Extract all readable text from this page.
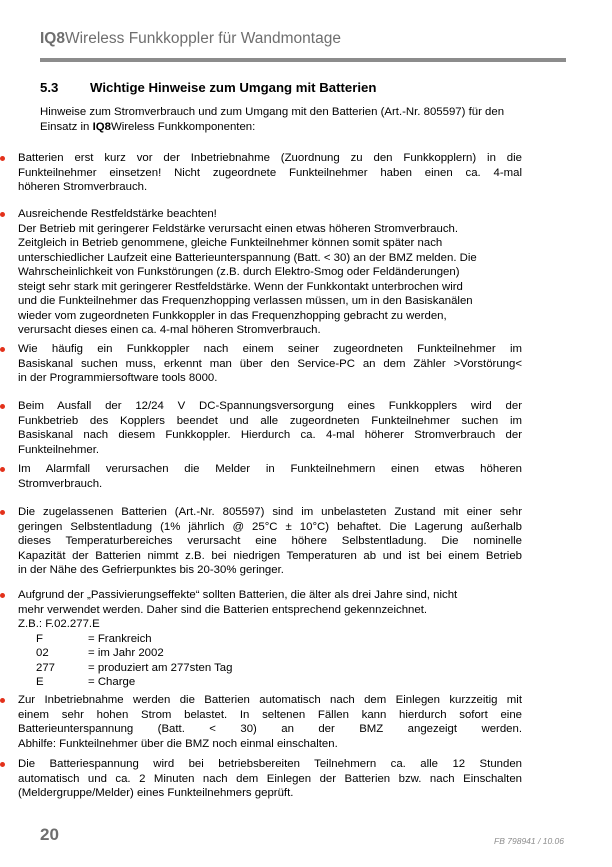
IQ8Wireless Funkkoppler für Wandmontage
5.3 Wichtige Hinweise zum Umgang mit Batterien
Hinweise zum Stromverbrauch und zum Umgang mit den Batterien (Art.-Nr. 805597) für den
Einsatz in IQ8Wireless Funkkomponenten:
Batterien erst kurz vor der Inbetriebnahme (Zuordnung zu den Funkkopplern) in die
Funkteilnehmer einsetzen! Nicht zugeordnete Funkteilnehmer haben einen ca. 4-mal
höheren Stromverbrauch.
Ausreichende Restfeldstärke beachten!
Der Betrieb mit geringerer Feldstärke verursacht einen etwas höheren Stromverbrauch.
Zeitgleich in Betrieb genommene, gleiche Funkteilnehmer können somit später nach
unterschiedlicher Laufzeit eine Batterieunterspannung (Batt. < 30) an der BMZ melden. Die
Wahrscheinlichkeit von Funkstörungen (z.B. durch Elektro-Smog oder Feldänderungen)
steigt sehr stark mit geringerer Restfeldstärke. Wenn der Funkkontakt unterbrochen wird
und die Funkteilnehmer das Frequenzhopping verlassen müssen, um in den Basiskanälen
wieder vom zugeordneten Funkkoppler in das Frequenzhopping gebracht zu werden,
verursacht dieses einen ca. 4-mal höheren Stromverbrauch.
Wie häufig ein Funkkoppler nach einem seiner zugeordneten Funkteilnehmer im
Basiskanal suchen muss, erkennt man über den Service-PC an dem Zähler >Vorstörung<
in der Programmiersoftware tools 8000.
Beim Ausfall der 12/24 V DC-Spannungsversorgung eines Funkkopplers wird der
Funkbetrieb des Kopplers beendet und alle zugeordneten Funkteilnehmer suchen im
Basiskanal nach diesem Funkkoppler. Hierdurch ca. 4-mal höherer Stromverbrauch der
Funkteilnehmer.
Im Alarmfall verursachen die Melder in Funkteilnehmern einen etwas höheren
Stromverbrauch.
Die zugelassenen Batterien (Art.-Nr. 805597) sind im unbelasteten Zustand mit einer sehr
geringen Selbstentladung (1% jährlich @ 25°C ± 10°C) behaftet. Die Lagerung außerhalb
dieses Temperaturbereiches verursacht eine höhere Selbstentladung. Die nominelle
Kapazität der Batterien nimmt z.B. bei niedrigen Temperaturen ab und ist bei einem Betrieb
in der Nähe des Gefrierpunktes bis 20-30% geringer.
Aufgrund der „Passivierungseffekte“ sollten Batterien, die älter als drei Jahre sind, nicht
mehr verwendet werden. Daher sind die Batterien entsprechend gekennzeichnet.
Z.B.: F.02.277.E
F	= Frankreich
02	= im Jahr 2002
277	= produziert am 277sten Tag
E	= Charge
Zur Inbetriebnahme werden die Batterien automatisch nach dem Einlegen kurzzeitig mit
einem sehr hohen Strom belastet. In seltenen Fällen kann hierdurch sofort eine
Batterieunterspannung (Batt. < 30) an der BMZ angezeigt werden.
Abhilfe: Funkteilnehmer über die BMZ noch einmal einschalten.
Die Batteriespannung wird bei betriebsbereiten Teilnehmern ca. alle 12 Stunden
automatisch und ca. 2 Minuten nach dem Einlegen der Batterien bzw. nach Einschalten
(Meldergruppe/Melder) eines Funkteilnehmers geprüft.
20	FB 798941 / 10.06
